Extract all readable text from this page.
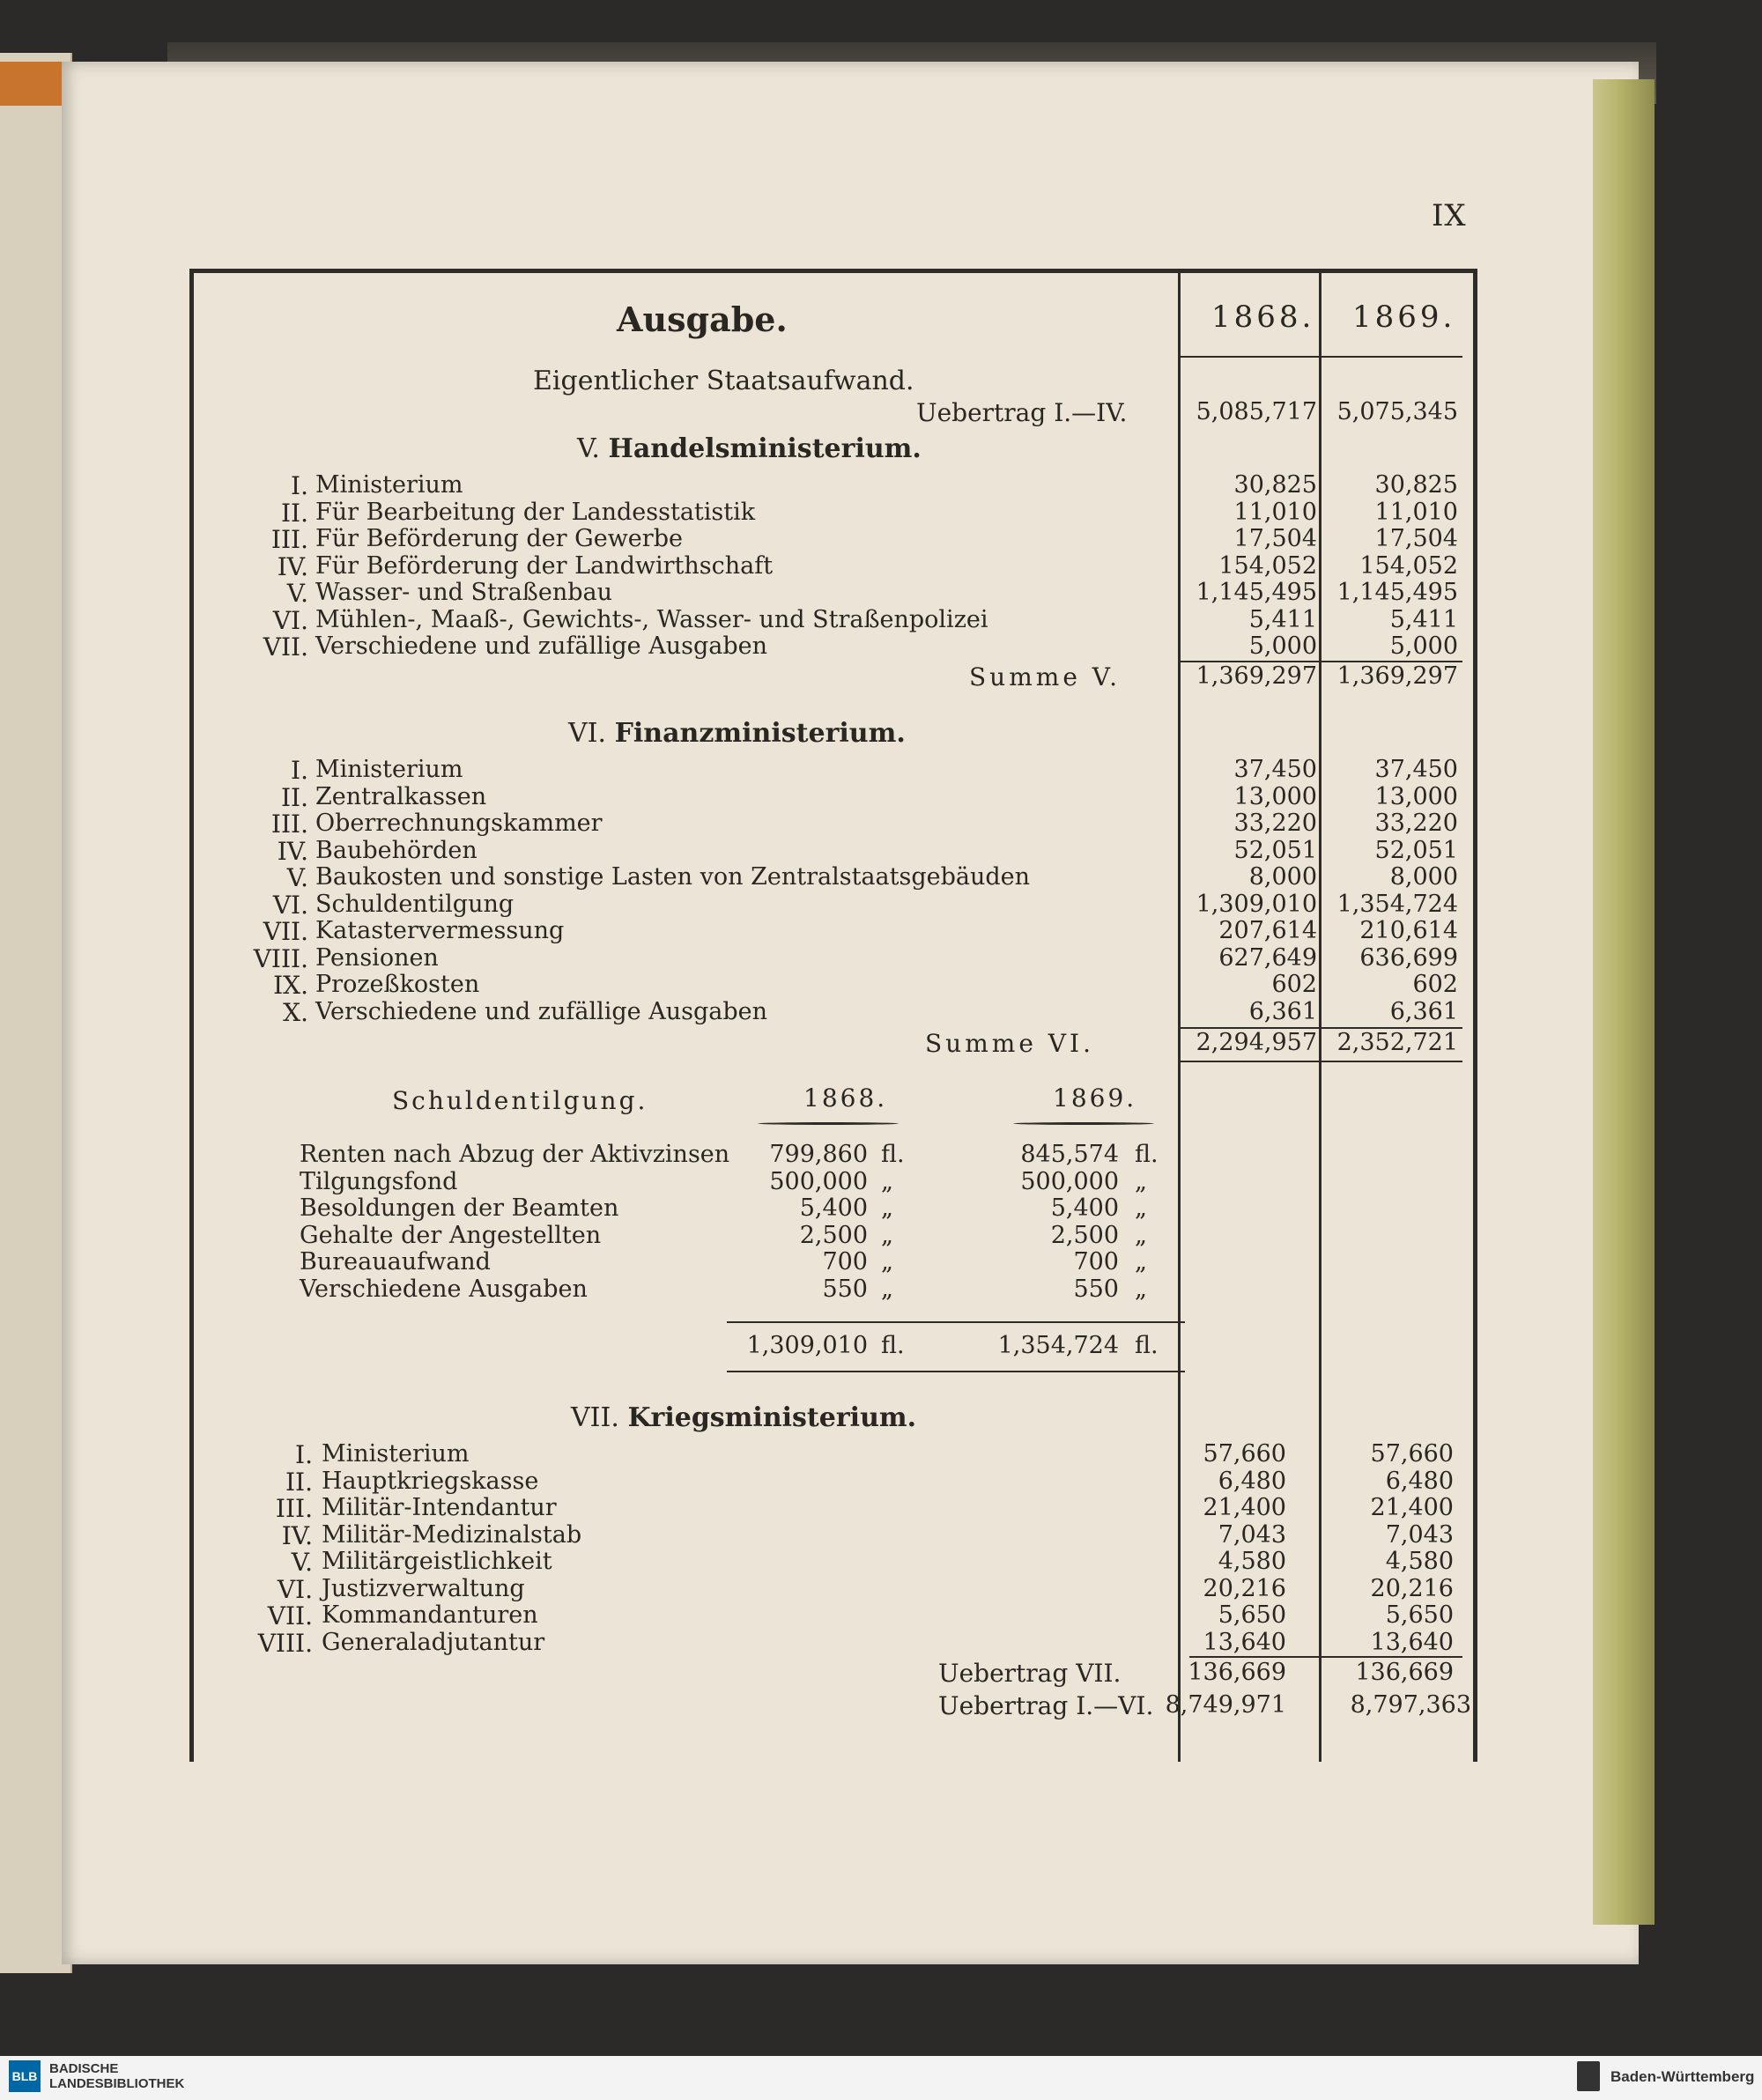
IX
Ausgabe.	1868. 1869.
Eigentlicher Staatsaufwand.
Uebertrag I.—IV.	5,085,717 5,075,345
V. Handelsministerium.
I. Ministerium	30,825	30,825
II. Für Bearbeitung der Landesstatistik	11,010	11,010
III. Für Beförderung der Gewerbe	17,504	17,504
IV. Für Beförderung der Landwirthschaft	154,052	154,052
V. Wasser- und Straßenbau	1,145,495 1,145,495
VI. Mühlen-, Maaß-, Gewichts-, Wasser- und Straßenpolizei	5,411	5,411
VII. Verschiedene und zufällige Ausgaben	5,000	5,000
Summe V.	1,369,297 1,369,297
VI. Finanzministerium.
I. Ministerium	37,450	37,450
II. Zentralkassen	13,000	13,000
III. Oberrechnungskammer	33,220	33,220
IV. Baubehörden	52,051	52,051
V. Baukosten und sonstige Lasten von Zentralstaatsgebäuden	8,000	8,000
VI. Schuldentilgung	1,309,010 1,354,724
VII. Katastervermessung	207,614	210,614
VIII. Pensionen	627,649	636,699
IX. Prozeßkosten	602	602
X. Verschiedene und zufällige Ausgaben	6,361	6,361
Summe VI.	2,294,957 2,352,721
Schuldentilgung.	1868.	1869.
Renten nach Abzug der Aktivzinsen	799,860 fl.	845,574 fl.
Tilgungsfond	500,000 „	500,000 „
Besoldungen der Beamten	5,400 „	5,400 „
Gehalte der Angestellten	2,500 „	2,500 „
Bureauaufwand	700 „	700 „
Verschiedene Ausgaben	550 „	550 „
1,309,010 fl.	1,354,724 fl.
VII. Kriegsministerium.
I. Ministerium	57,660	57,660
II. Hauptkriegskasse	6,480	6,480
III. Militär-Intendantur	21,400	21,400
IV. Militär-Medizinalstab	7,043	7,043
V. Militärgeistlichkeit	4,580	4,580
VI. Justizverwaltung	20,216	20,216
VII. Kommandanturen	5,650	5,650
VIII. Generaladjutantur	13,640	13,640
Uebertrag VII.	136,669	136,669
Uebertrag I.—VI. 8,749,971	8,797,363
BLB BADISCHE
LANDESBIBLIOTHEK	Baden-Württemberg
